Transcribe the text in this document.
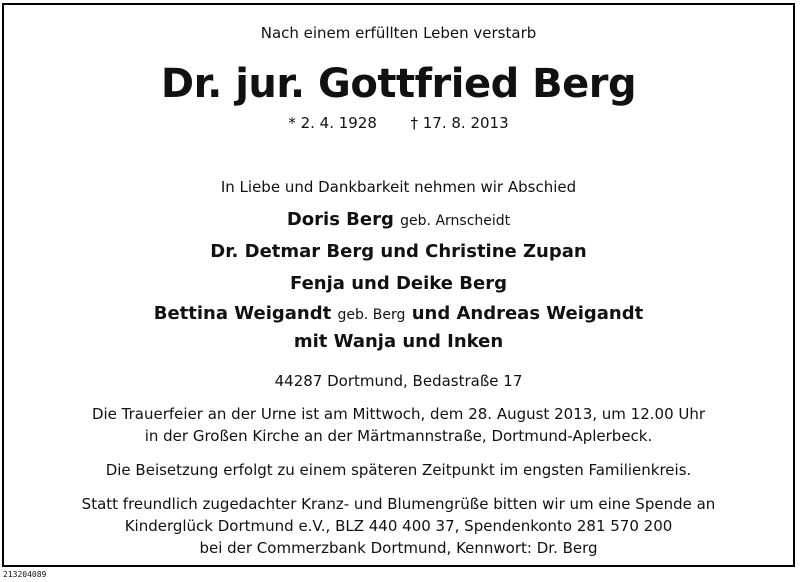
Nach einem erfüllten Leben verstarb
Dr. jur. Gottfried Berg
* 2. 4. 1928 † 17. 8. 2013
In Liebe und Dankbarkeit nehmen wir Abschied
Doris Berg geb. Arnscheidt
Dr. Detmar Berg und Christine Zupan
Fenja und Deike Berg
Bettina Weigandt geb. Berg und Andreas Weigandt
mit Wanja und Inken
44287 Dortmund, Bedastraße 17
Die Trauerfeier an der Urne ist am Mittwoch, dem 28. August 2013, um 12.00 Uhr
in der Großen Kirche an der Märtmannstraße, Dortmund-Aplerbeck.
Die Beisetzung erfolgt zu einem späteren Zeitpunkt im engsten Familienkreis.
Statt freundlich zugedachter Kranz- und Blumengrüße bitten wir um eine Spende an
Kinderglück Dortmund e.V., BLZ 440 400 37, Spendenkonto 281 570 200
bei der Commerzbank Dortmund, Kennwort: Dr. Berg
213204089
